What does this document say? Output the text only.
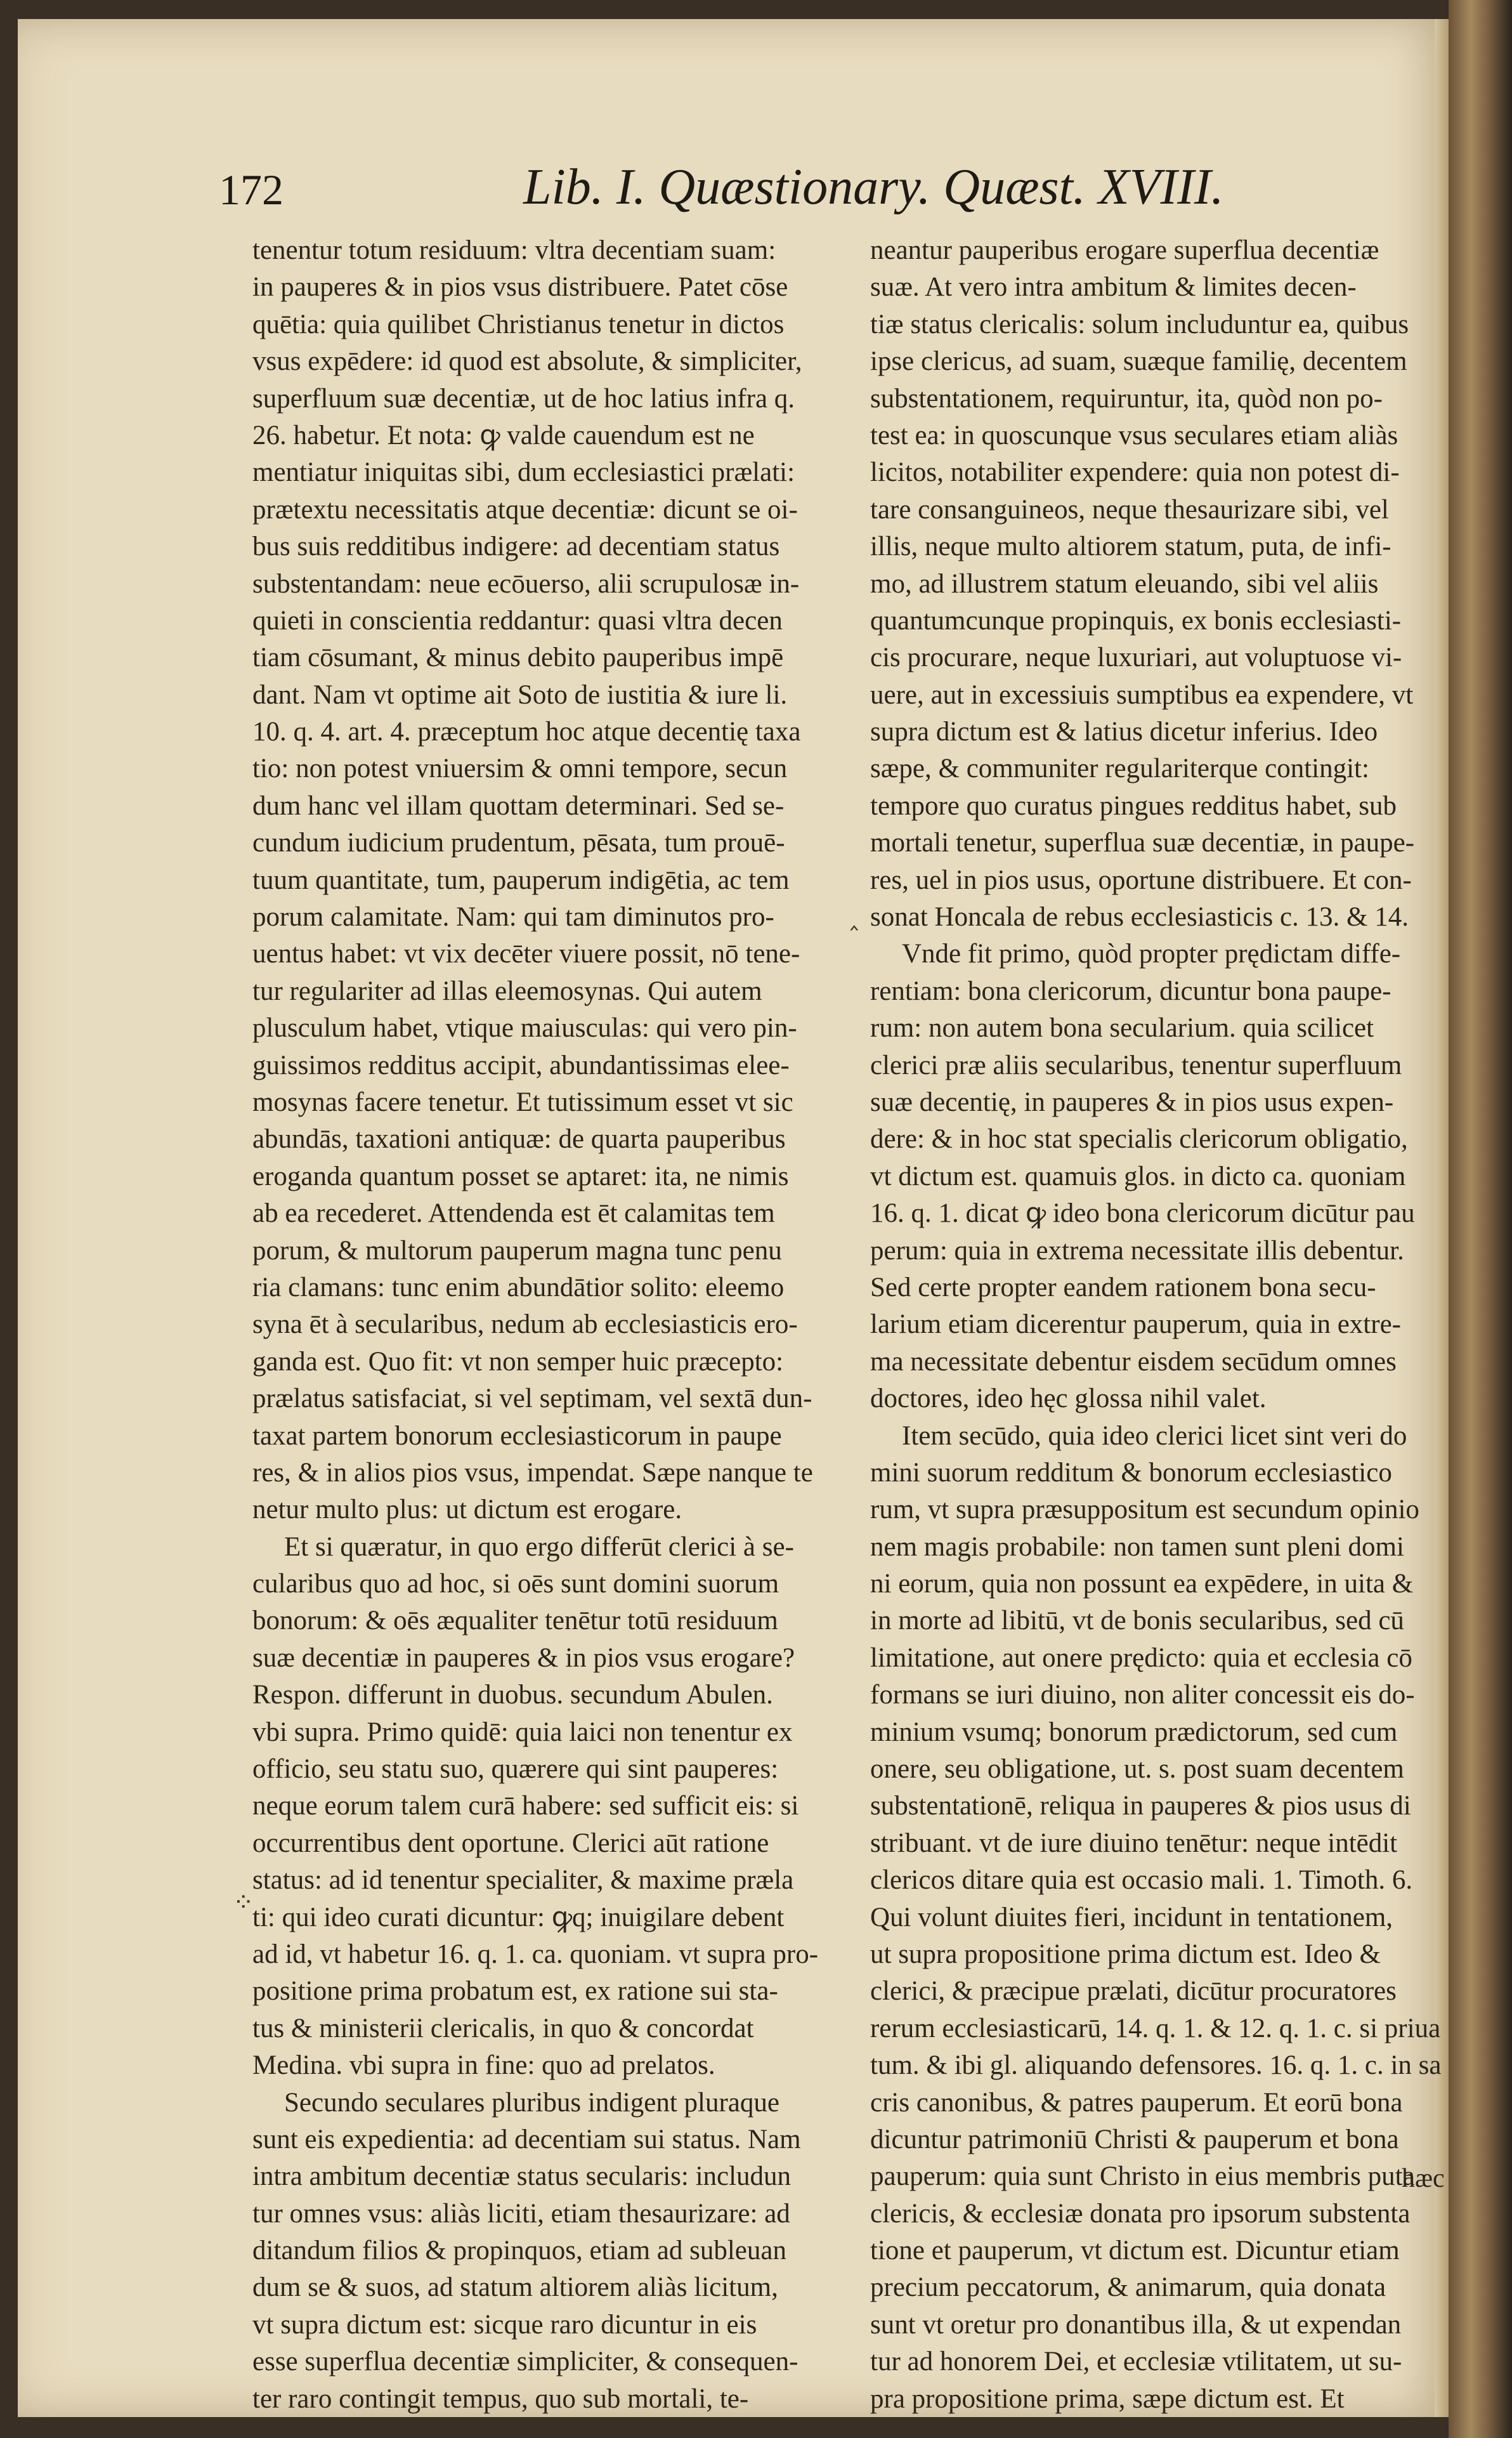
172	Lib. I. Quæstionary. Quæst. XVIII.
tenentur totum residuum: vltra decentiam suam:
in pauperes & in pios vsus distribuere. Patet cōse
quētia: quia quilibet Christianus tenetur in dictos
vsus expēdere: id quod est absolute, & simpliciter,
superfluum suæ decentiæ, ut de hoc latius infra q.
26. habetur. Et nota: ꝙ valde cauendum est ne
mentiatur iniquitas sibi, dum ecclesiastici prælati:
prætextu necessitatis atque decentiæ: dicunt se oi-
bus suis redditibus indigere: ad decentiam status
substentandam: neue ecōuerso, alii scrupulosæ in-
quieti in conscientia reddantur: quasi vltra decen
tiam cōsumant, & minus debito pauperibus impē
dant. Nam vt optime ait Soto de iustitia & iure li.
10. q. 4. art. 4. præceptum hoc atque decentię taxa
tio: non potest vniuersim & omni tempore, secun
dum hanc vel illam quottam determinari. Sed se-
cundum iudicium prudentum, pēsata, tum prouē-
tuum quantitate, tum, pauperum indigētia, ac tem
porum calamitate. Nam: qui tam diminutos pro-
uentus habet: vt vix decēter viuere possit, nō tene-
tur regulariter ad illas eleemosynas. Qui autem
plusculum habet, vtique maiusculas: qui vero pin-
guissimos redditus accipit, abundantissimas elee-
mosynas facere tenetur. Et tutissimum esset vt sic
abundās, taxationi antiquæ: de quarta pauperibus
eroganda quantum posset se aptaret: ita, ne nimis
ab ea recederet. Attendenda est ēt calamitas tem
porum, & multorum pauperum magna tunc penu
ria clamans: tunc enim abundātior solito: eleemo
syna ēt à secularibus, nedum ab ecclesiasticis ero-
ganda est. Quo fit: vt non semper huic præcepto:
prælatus satisfaciat, si vel septimam, vel sextā dun-
taxat partem bonorum ecclesiasticorum in paupe
res, & in alios pios vsus, impendat. Sæpe nanque te
netur multo plus: ut dictum est erogare.
Et si quæratur, in quo ergo differūt clerici à se-
cularibus quo ad hoc, si oēs sunt domini suorum
bonorum: & oēs æqualiter tenētur totū residuum
suæ decentiæ in pauperes & in pios vsus erogare?
Respon. differunt in duobus. secundum Abulen.
vbi supra. Primo quidē: quia laici non tenentur ex
officio, seu statu suo, quærere qui sint pauperes:
neque eorum talem curā habere: sed sufficit eis: si
occurrentibus dent oportune. Clerici aūt ratione
status: ad id tenentur specialiter, & maxime præla
ti: qui ideo curati dicuntur: ꝙq; inuigilare debent
ad id, vt habetur 16. q. 1. ca. quoniam. vt supra pro-
positione prima probatum est, ex ratione sui sta-
tus & ministerii clericalis, in quo & concordat
Medina. vbi supra in fine: quo ad prelatos.
Secundo seculares pluribus indigent pluraque
sunt eis expedientia: ad decentiam sui status. Nam
intra ambitum decentiæ status secularis: includun
tur omnes vsus: aliàs liciti, etiam thesaurizare: ad
ditandum filios & propinquos, etiam ad subleuan
dum se & suos, ad statum altiorem aliàs licitum,
vt supra dictum est: sicque raro dicuntur in eis
esse superflua decentiæ simpliciter, & consequen-
ter raro contingit tempus, quo sub mortali, te-
neantur pauperibus erogare superflua decentiæ
suæ. At vero intra ambitum & limites decen-
tiæ status clericalis: solum includuntur ea, quibus
ipse clericus, ad suam, suæque familię, decentem
substentationem, requiruntur, ita, quòd non po-
test ea: in quoscunque vsus seculares etiam aliàs
licitos, notabiliter expendere: quia non potest di-
tare consanguineos, neque thesaurizare sibi, vel
illis, neque multo altiorem statum, puta, de infi-
mo, ad illustrem statum eleuando, sibi vel aliis
quantumcunque propinquis, ex bonis ecclesiasti-
cis procurare, neque luxuriari, aut voluptuose vi-
uere, aut in excessiuis sumptibus ea expendere, vt
supra dictum est & latius dicetur inferius. Ideo
sæpe, & communiter regulariterque contingit:
tempore quo curatus pingues redditus habet, sub
mortali tenetur, superflua suæ decentiæ, in paupe-
res, uel in pios usus, oportune distribuere. Et con-
sonat Honcala de rebus ecclesiasticis c. 13. & 14.
Vnde fit primo, quòd propter prędictam diffe-
rentiam: bona clericorum, dicuntur bona paupe-
rum: non autem bona secularium. quia scilicet
clerici præ aliis secularibus, tenentur superfluum
suæ decentię, in pauperes & in pios usus expen-
dere: & in hoc stat specialis clericorum obligatio,
vt dictum est. quamuis glos. in dicto ca. quoniam
16. q. 1. dicat ꝙ ideo bona clericorum dicūtur pau
perum: quia in extrema necessitate illis debentur.
Sed certe propter eandem rationem bona secu-
larium etiam dicerentur pauperum, quia in extre-
ma necessitate debentur eisdem secūdum omnes
doctores, ideo hęc glossa nihil valet.
Item secūdo, quia ideo clerici licet sint veri do
mini suorum redditum & bonorum ecclesiastico
rum, vt supra præsuppositum est secundum opinio
nem magis probabile: non tamen sunt pleni domi
ni eorum, quia non possunt ea expēdere, in uita &
in morte ad libitū, vt de bonis secularibus, sed cū
limitatione, aut onere prędicto: quia et ecclesia cō
formans se iuri diuino, non aliter concessit eis do-
minium vsumq; bonorum prædictorum, sed cum
onere, seu obligatione, ut. s. post suam decentem
substentationē, reliqua in pauperes & pios usus di
stribuant. vt de iure diuino tenētur: neque intēdit
clericos ditare quia est occasio mali. 1. Timoth. 6.
Qui volunt diuites fieri, incidunt in tentationem,
ut supra propositione prima dictum est. Ideo &
clerici, & præcipue prælati, dicūtur procuratores
rerum ecclesiasticarū, 14. q. 1. & 12. q. 1. c. si priua
tum. & ibi gl. aliquando defensores. 16. q. 1. c. in sa
cris canonibus, & patres pauperum. Et eorū bona
dicuntur patrimoniū Christi & pauperum et bona
pauperum: quia sunt Christo in eius membris puta
clericis, & ecclesiæ donata pro ipsorum substenta
tione et pauperum, vt dictum est. Dicuntur etiam
precium peccatorum, & animarum, quia donata
sunt vt oretur pro donantibus illa, & ut expendan
tur ad honorem Dei, et ecclesiæ vtilitatem, ut su-
pra propositione prima, sæpe dictum est. Et
⁘
‸
hæc
